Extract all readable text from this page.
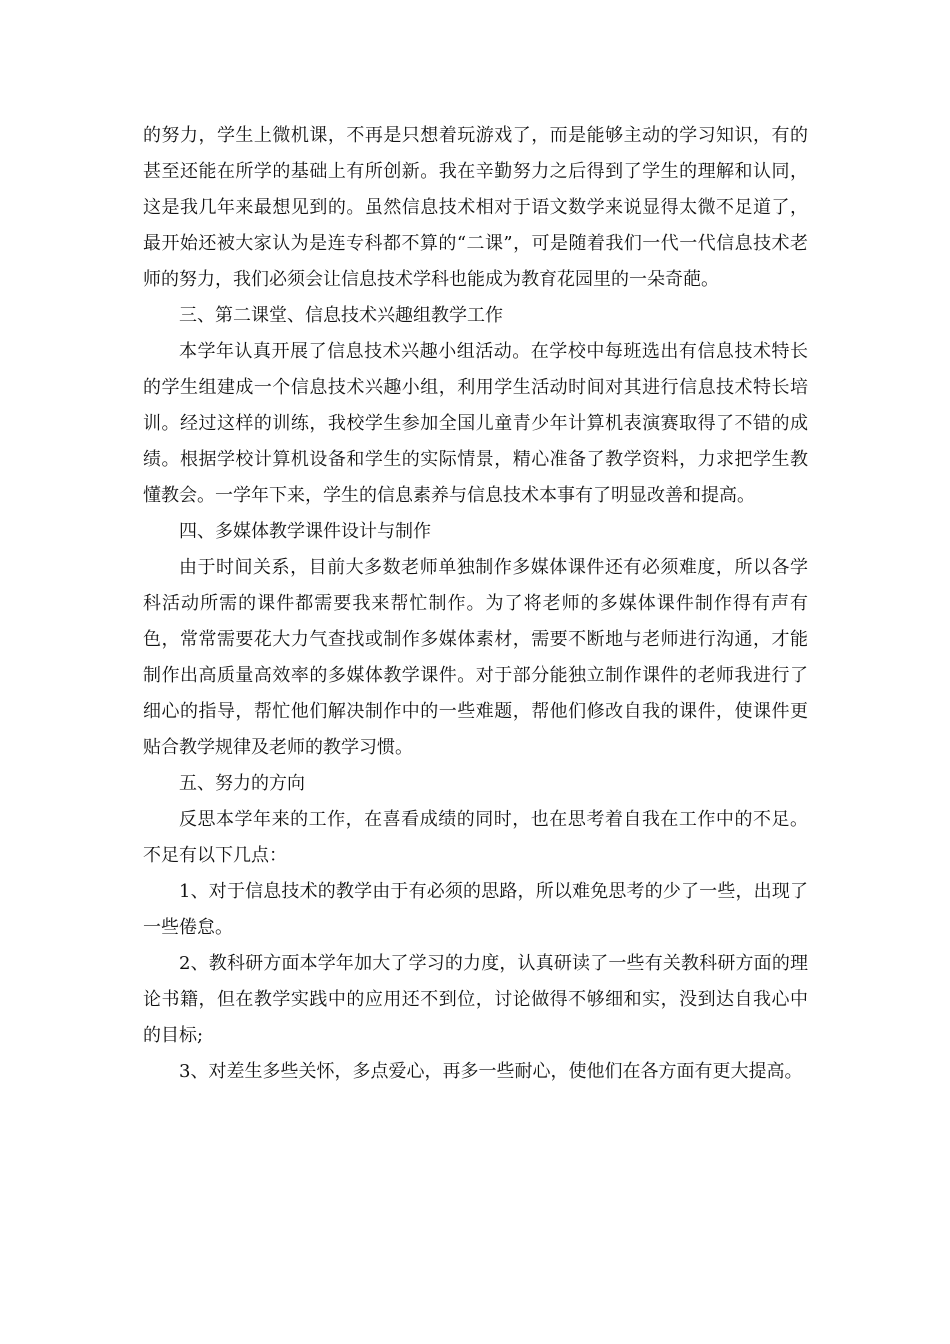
的努力，学生上微机课，不再是只想着玩游戏了，而是能够主动的学习知识，有的甚至还能在所学的基础上有所创新。我在辛勤努力之后得到了学生的理解和认同，这是我几年来最想见到的。虽然信息技术相对于语文数学来说显得太微不足道了，最开始还被大家认为是连专科都不算的“二课”，可是随着我们一代一代信息技术老师的努力，我们必须会让信息技术学科也能成为教育花园里的一朵奇葩。

三、第二课堂、信息技术兴趣组教学工作

本学年认真开展了信息技术兴趣小组活动。在学校中每班选出有信息技术特长的学生组建成一个信息技术兴趣小组，利用学生活动时间对其进行信息技术特长培训。经过这样的训练，我校学生参加全国儿童青少年计算机表演赛取得了不错的成绩。根据学校计算机设备和学生的实际情景，精心准备了教学资料，力求把学生教懂教会。一学年下来，学生的信息素养与信息技术本事有了明显改善和提高。

四、多媒体教学课件设计与制作

由于时间关系，目前大多数老师单独制作多媒体课件还有必须难度，所以各学科活动所需的课件都需要我来帮忙制作。为了将老师的多媒体课件制作得有声有色，常常需要花大力气查找或制作多媒体素材，需要不断地与老师进行沟通，才能制作出高质量高效率的多媒体教学课件。对于部分能独立制作课件的老师我进行了细心的指导，帮忙他们解决制作中的一些难题，帮他们修改自我的课件，使课件更贴合教学规律及老师的教学习惯。

五、努力的方向

反思本学年来的工作，在喜看成绩的同时，也在思考着自我在工作中的不足。不足有以下几点：

1、对于信息技术的教学由于有必须的思路，所以难免思考的少了一些，出现了一些倦怠。

2、教科研方面本学年加大了学习的力度，认真研读了一些有关教科研方面的理论书籍，但在教学实践中的应用还不到位，讨论做得不够细和实，没到达自我心中的目标;

3、对差生多些关怀，多点爱心，再多一些耐心，使他们在各方面有更大提高。
